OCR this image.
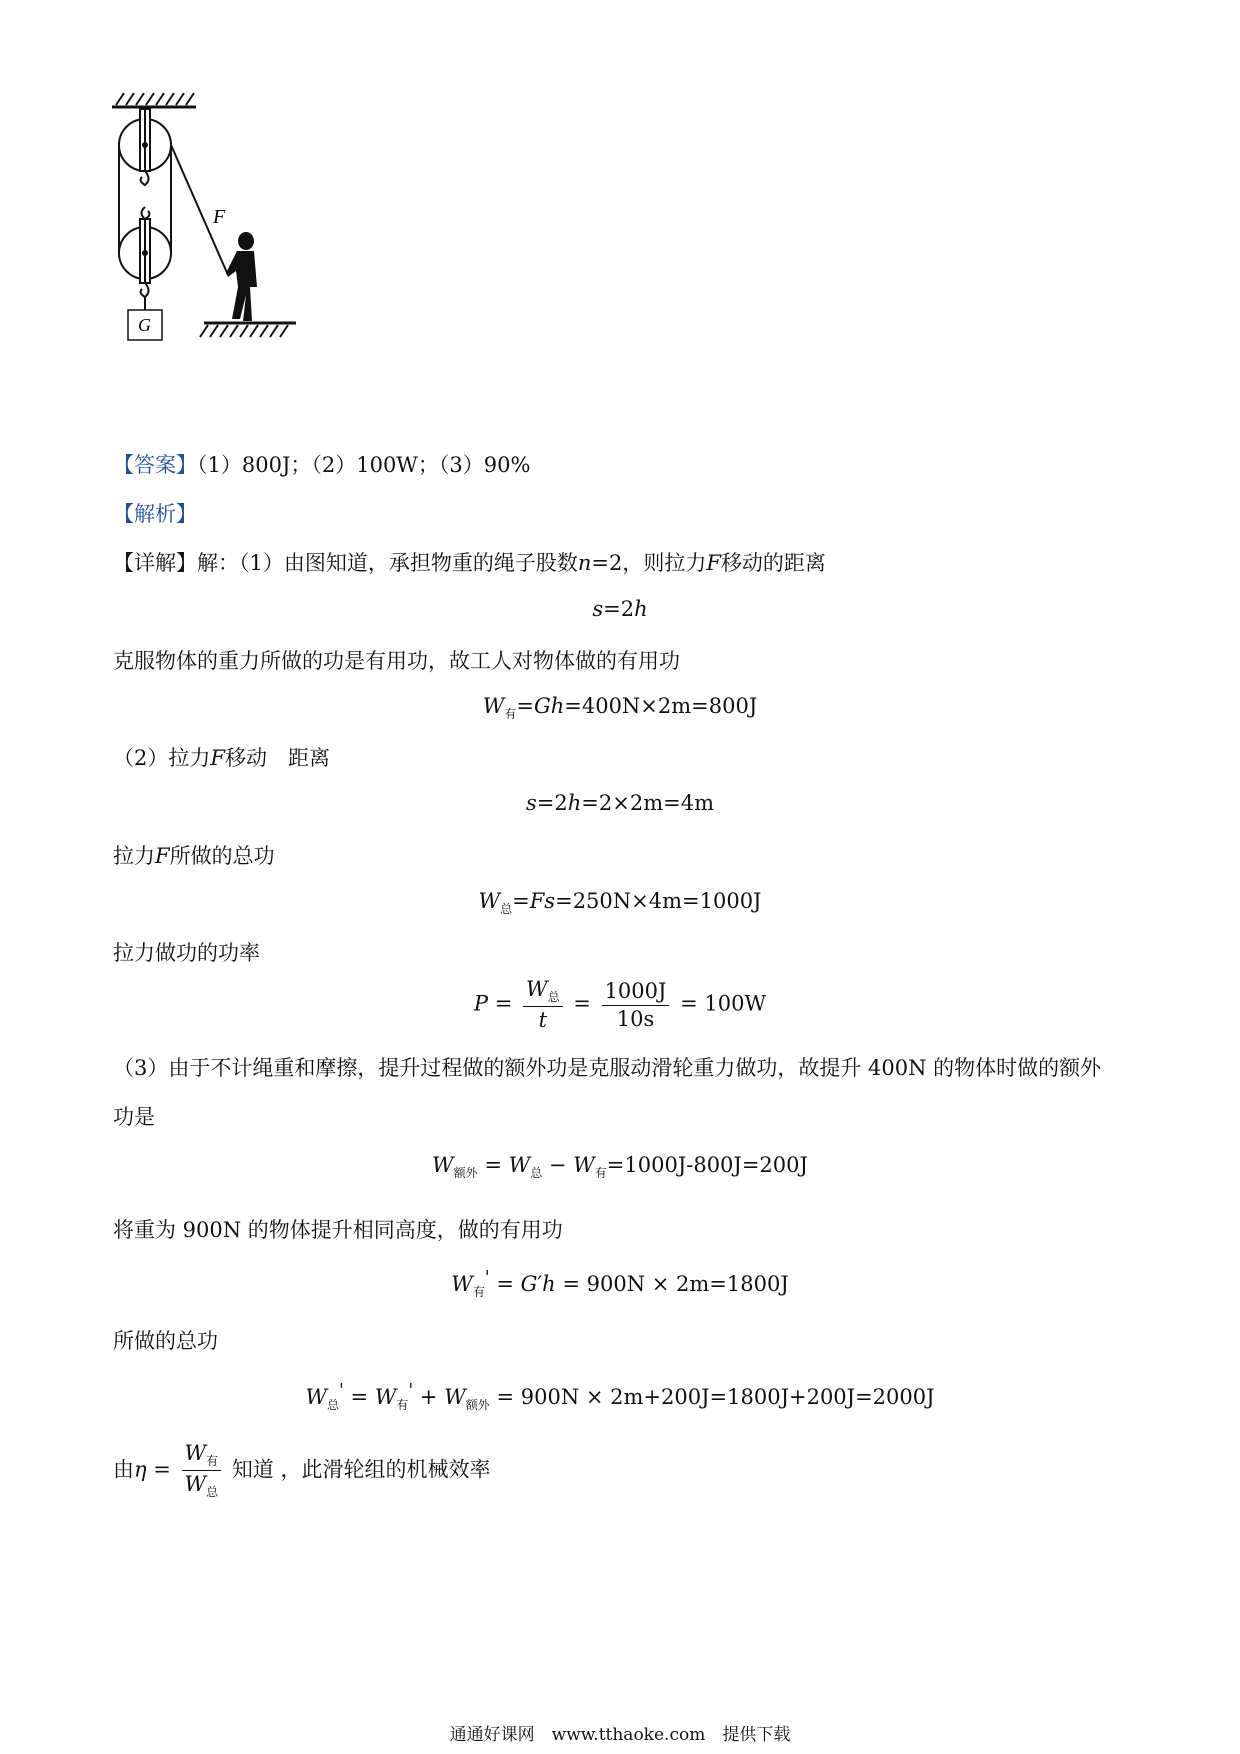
F
G
【答案】（1）800J；（2）100W；（3）90%
【解析】
【详解】解：（1）由图知道，承担物重的绳子股数n=2，则拉力F移动的距离
s=2h
克服物体的重力所做的功是有用功，故工人对物体做的有用功
$W_有=Gh=400N\times 2m=800J$
（2）拉力F移动　距离
s=2h=2×2m=4m
拉力F所做的总功
$W_总=Fs=250N\times 4m=1000J$
拉力做功的功率
$P = \frac{W_总}{t} = \frac{1000J}{10s} = 100W$
（3）由于不计绳重和摩擦，提升过程做的额外功是克服动滑轮重力做功，故提升 400N 的物体时做的额外
功是
$W_{额外} = W_总 - W_有=1000J-800J=200J$
将重为 900N 的物体提升相同高度，做的有用功
$W_有' = G'h = 900N \times 2m=1800J$
所做的总功
$W_总' = W_有' + W_{额外} = 900N \times 2m+200J=1800J+200J=2000J$
由$\eta = \frac{W_有}{W_总}$ 知道 ，此滑轮组的机械效率
通通好课网　www.tthaoke.com　提供下载
